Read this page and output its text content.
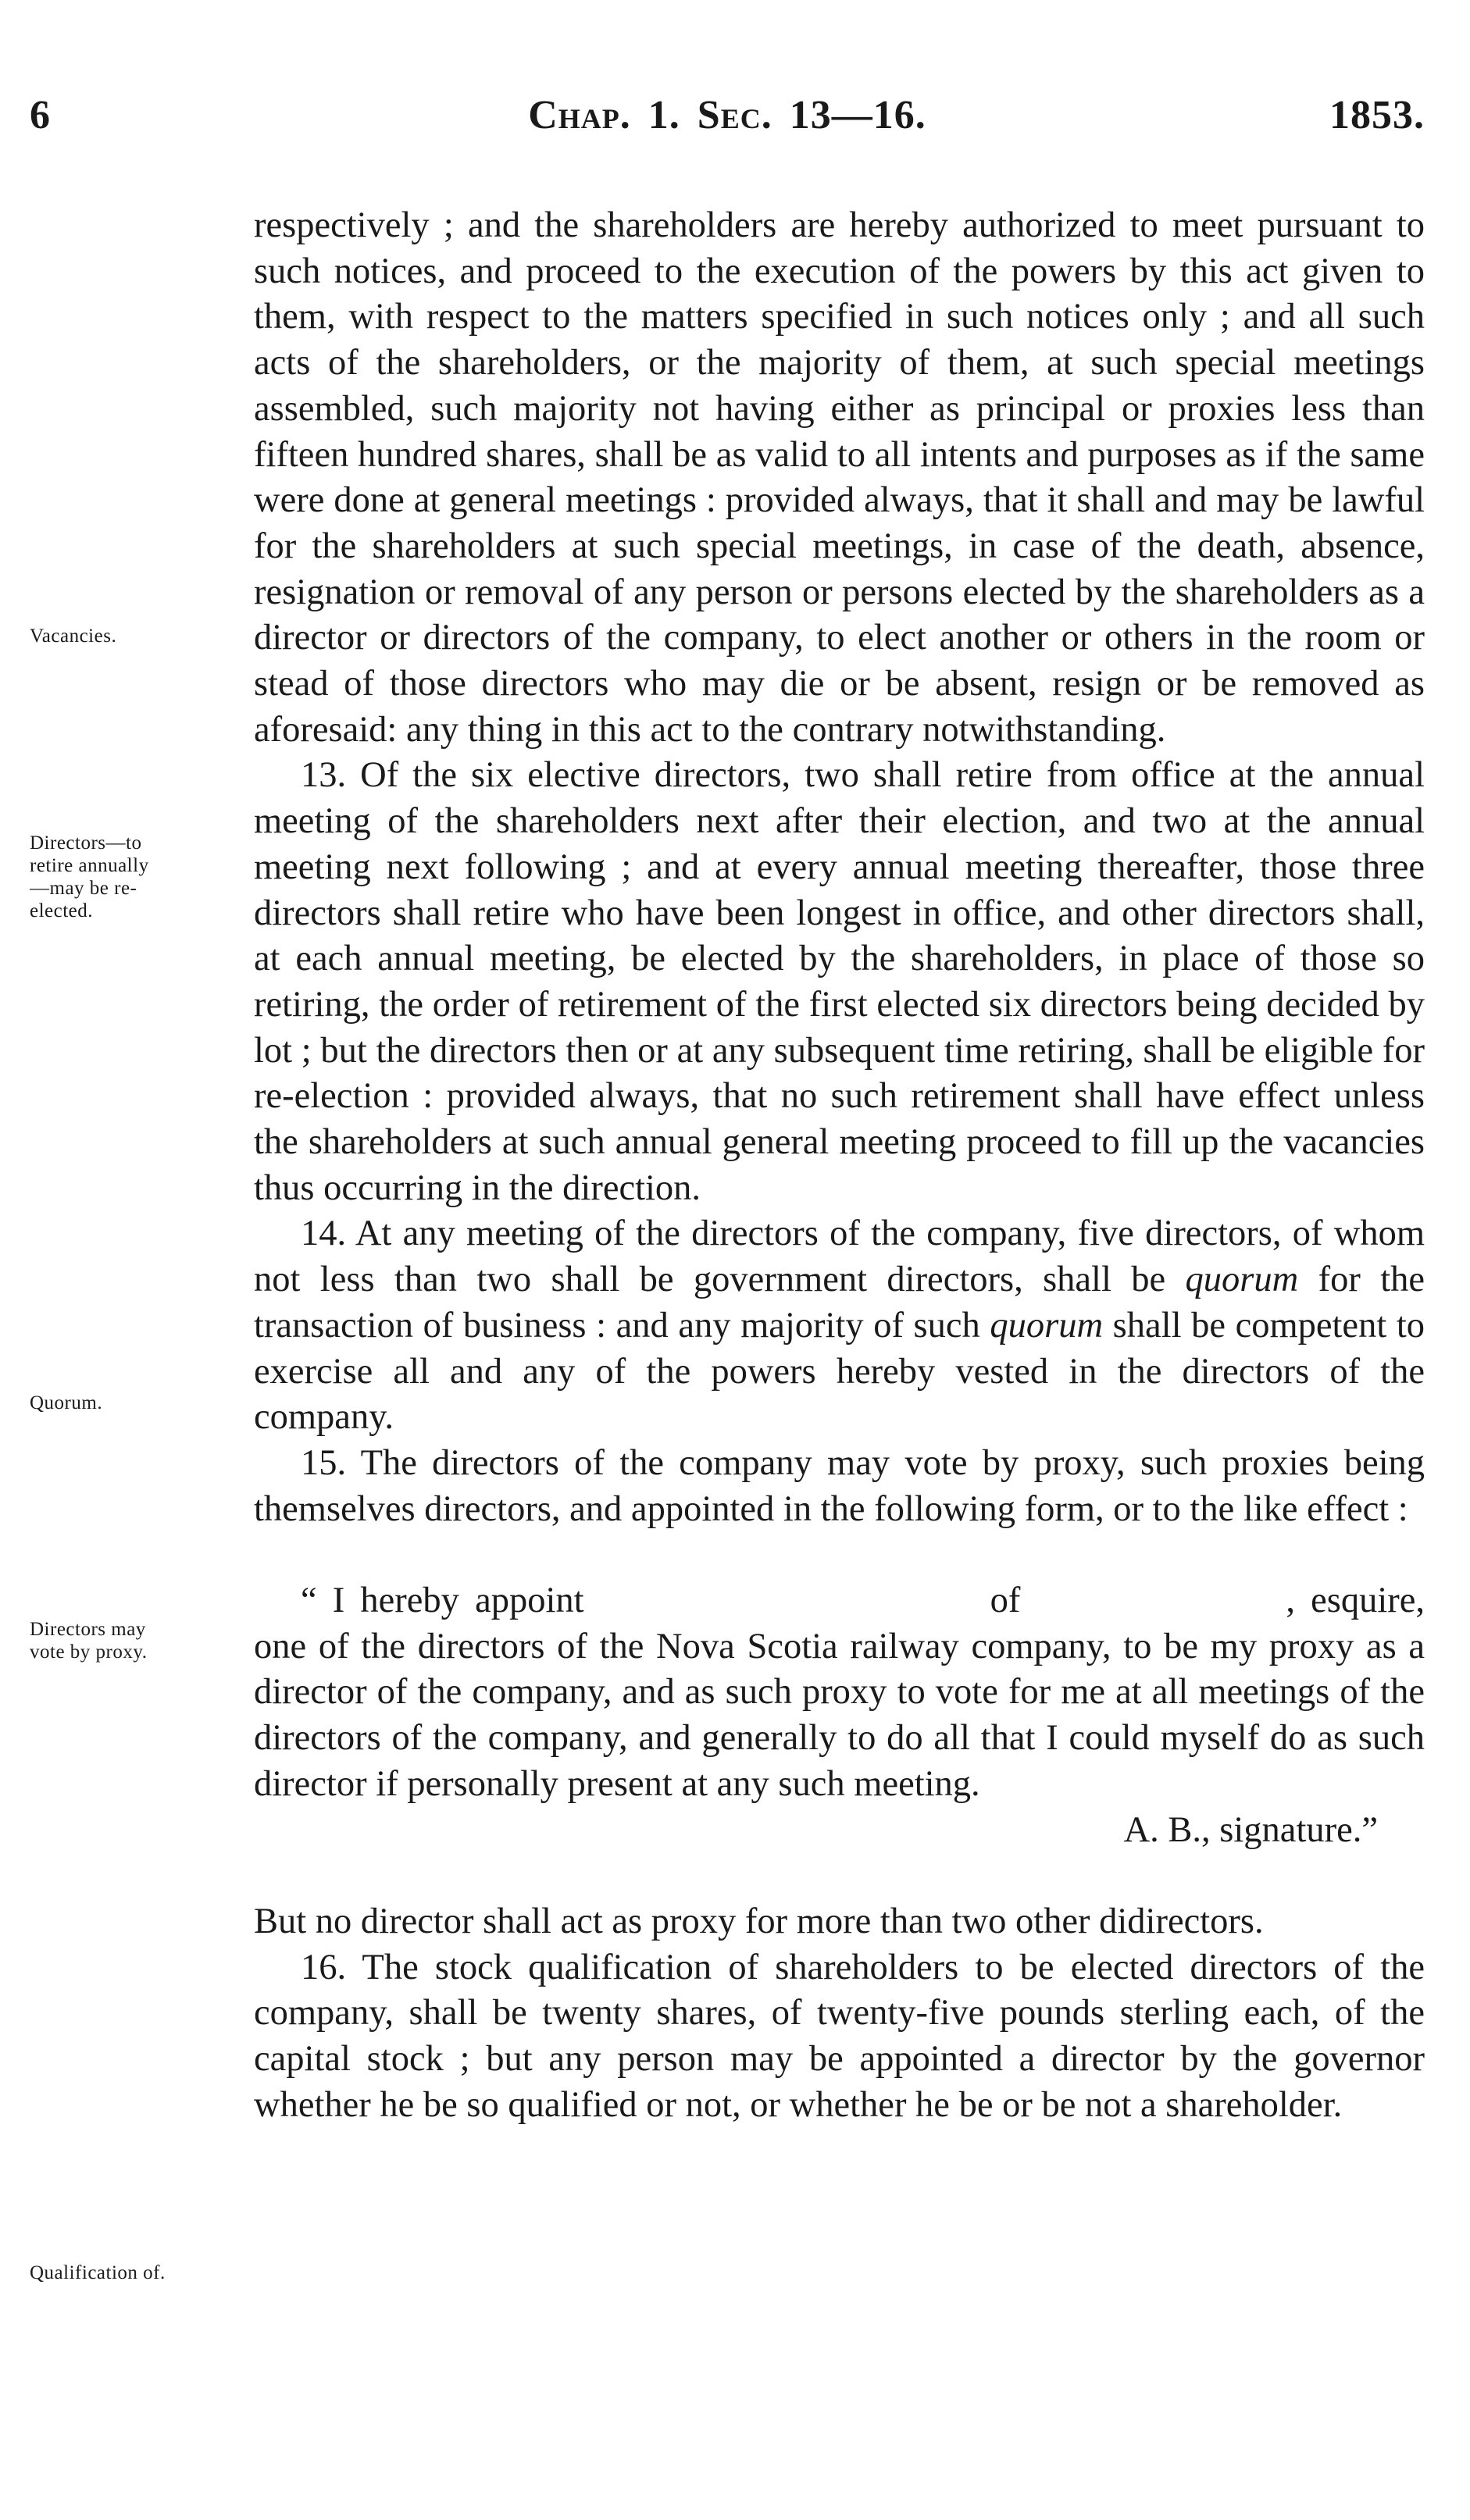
6	Chap. 1. Sec. 13—16.	1853.
Vacancies.
Directors—to
retire annually
—may be re-
elected.
Quorum.
Directors may
vote by proxy.
Qualification of.

respectively ; and the shareholders are hereby authorized to meet pursuant to such notices, and proceed to the execution of the powers by this act given to them, with respect to the matters specified in such notices only ; and all such acts of the shareholders, or the majority of them, at such special meetings assembled, such majority not having either as principal or proxies less than fifteen hundred shares, shall be as valid to all intents and purposes as if the same were done at general meetings : provided always, that it shall and may be lawful for the shareholders at such special meetings, in case of the death, absence, resignation or removal of any person or persons elected by the shareholders as a director or directors of the company, to elect another or others in the room or stead of those directors who may die or be absent, resign or be removed as aforesaid: any thing in this act to the contrary notwithstanding.

13. Of the six elective directors, two shall retire from office at the annual meeting of the shareholders next after their election, and two at the annual meeting next following ; and at every annual meeting thereafter, those three directors shall retire who have been longest in office, and other directors shall, at each annual meeting, be elected by the shareholders, in place of those so retiring, the order of retirement of the first elected six directors being decided by lot ; but the directors then or at any subsequent time retiring, shall be eligible for re-election : provided always, that no such retirement shall have effect unless the shareholders at such annual general meeting proceed to fill up the vacancies thus occurring in the direction.

14. At any meeting of the directors of the company, five directors, of whom not less than two shall be government directors, shall be quorum for the transaction of business : and any majority of such quorum shall be competent to exercise all and any of the powers hereby vested in the directors of the company.

15. The directors of the company may vote by proxy, such proxies being themselves directors, and appointed in the following form, or to the like effect :

“ I hereby appoint	of	, esquire, one of the directors of the Nova Scotia railway company, to be my proxy as a director of the company, and as such proxy to vote for me at all meetings of the directors of the company, and generally to do all that I could myself do as such director if personally present at any such meeting.

A. B., signature.”

But no director shall act as proxy for more than two other didirectors.

16. The stock qualification of shareholders to be elected directors of the company, shall be twenty shares, of twenty-five pounds sterling each, of the capital stock ; but any person may be appointed a director by the governor whether he be so qualified or not, or whether he be or be not a shareholder.
